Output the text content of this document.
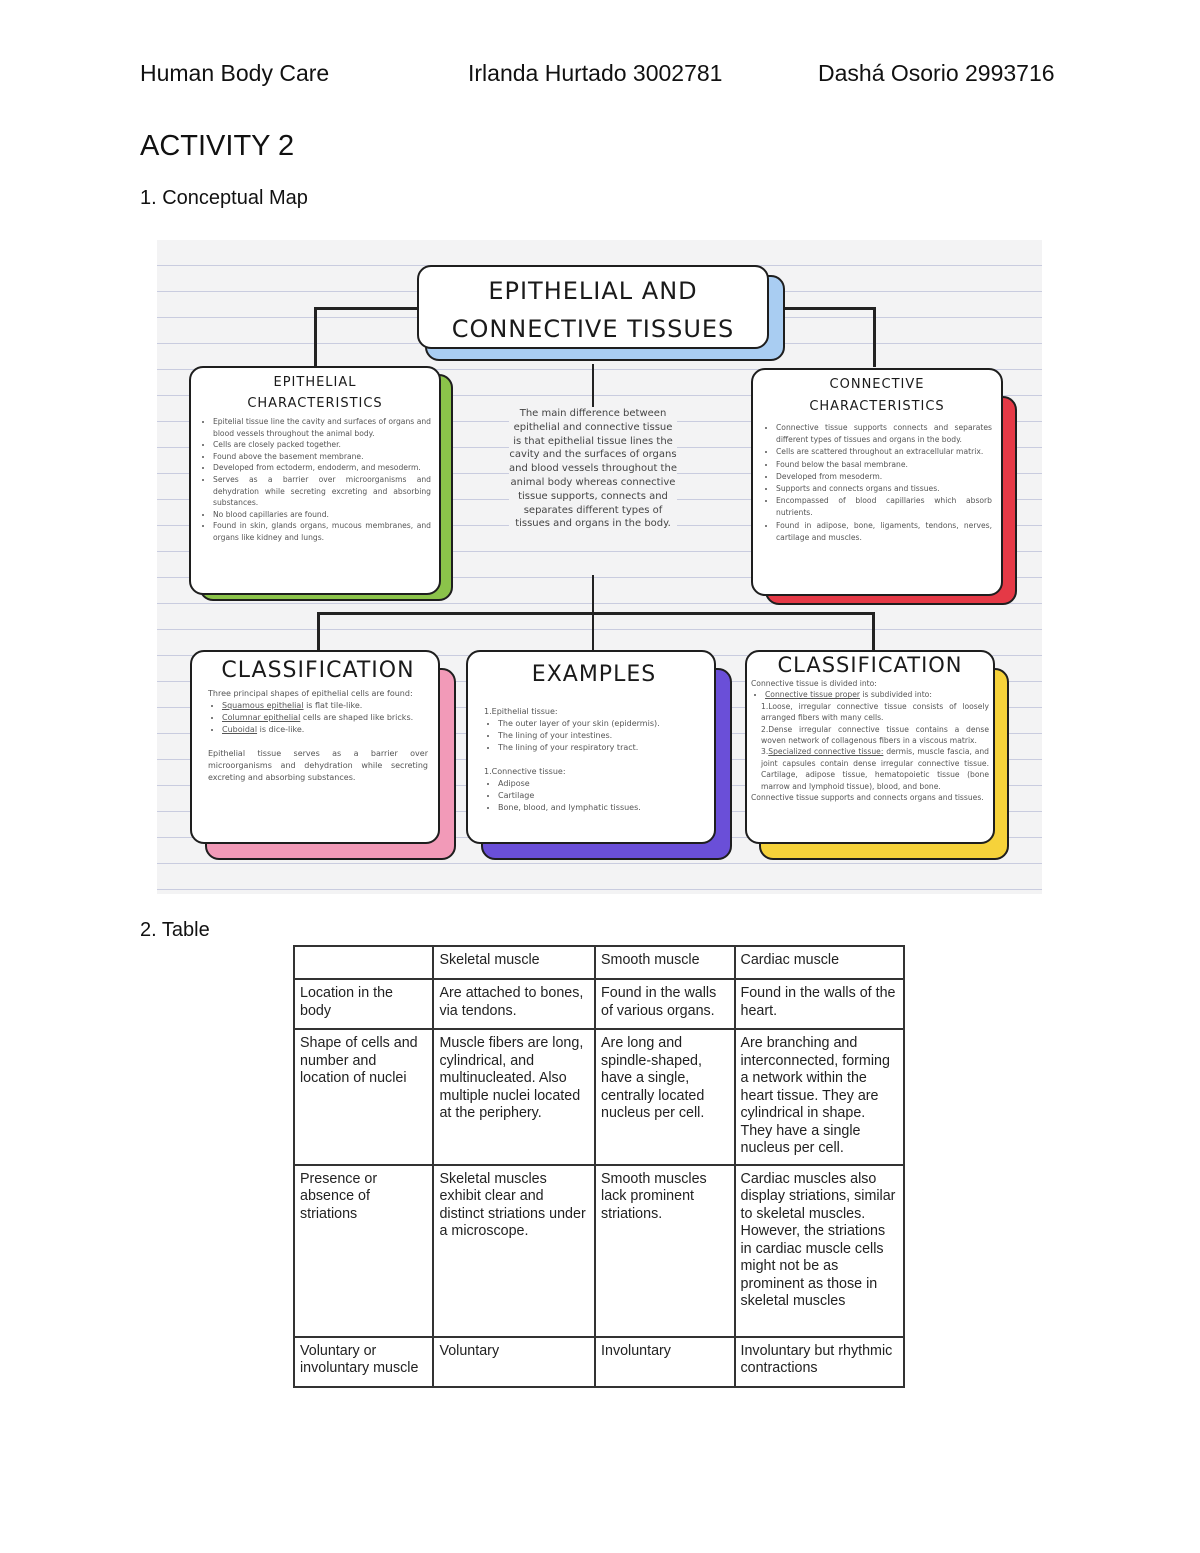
Human Body Care	Irlanda Hurtado 3002781	Dashá Osorio 2993716
ACTIVITY 2
1. Conceptual Map
EPITHELIAL AND
CONNECTIVE TISSUES
EPITHELIAL
CHARACTERISTICS
• Epitelial tissue line the cavity and surfaces of organs and blood vessels throughout the animal body.
• Cells are closely packed together.
• Found above the basement membrane.
• Developed from ectoderm, endoderm, and mesoderm.
• Serves as a barrier over microorganisms and dehydration while secreting excreting and absorbing substances.
• No blood capillaries are found.
• Found in skin, glands organs, mucous membranes, and organs like kidney and lungs.
The main difference between epithelial and connective tissue is that epithelial tissue lines the cavity and the surfaces of organs and blood vessels throughout the animal body whereas connective tissue supports, connects and separates different types of tissues and organs in the body.
CONNECTIVE
CHARACTERISTICS
• Connective tissue supports connects and separates different types of tissues and organs in the body.
• Cells are scattered throughout an extracellular matrix.
• Found below the basal membrane.
• Developed from mesoderm.
• Supports and connects organs and tissues.
• Encompassed of blood capillaries which absorb nutrients.
• Found in adipose, bone, ligaments, tendons, nerves, cartilage and muscles.
CLASSIFICATION
Three principal shapes of epithelial cells are found:
• Squamous epithelial is flat tile-like.
• Columnar epithelial cells are shaped like bricks.
• Cuboidal is dice-like.
Epithelial tissue serves as a barrier over microorganisms and dehydration while secreting excreting and absorbing substances.
EXAMPLES
1.Epithelial tissue:
• The outer layer of your skin (epidermis).
• The lining of your intestines.
• The lining of your respiratory tract.
1.Connective tissue:
• Adipose
• Cartilage
• Bone, blood, and lymphatic tissues.
CLASSIFICATION
Connective tissue is divided into:
• Connective tissue proper is subdivided into:
1.Loose, irregular connective tissue consists of loosely arranged fibers with many cells.
2.Dense irregular connective tissue contains a dense woven network of collagenous fibers in a viscous matrix.
3.Specialized connective tissue: dermis, muscle fascia, and joint capsules contain dense irregular connective tissue. Cartilage, adipose tissue, hematopoietic tissue (bone marrow and lymphoid tissue), blood, and bone.
Connective tissue supports and connects organs and tissues.
2. Table
	Skeletal muscle	Smooth muscle	Cardiac muscle
Location in the body	Are attached to bones, via tendons.	Found in the walls of various organs.	Found in the walls of the heart.
Shape of cells and number and location of nuclei	Muscle fibers are long, cylindrical, and multinucleated. Also multiple nuclei located at the periphery.	Are long and spindle-shaped, have a single, centrally located nucleus per cell.	Are branching and interconnected, forming a network within the heart tissue. They are cylindrical in shape. They have a single nucleus per cell.
Presence or absence of striations	Skeletal muscles exhibit clear and distinct striations under a microscope.	Smooth muscles lack prominent striations.	Cardiac muscles also display striations, similar to skeletal muscles. However, the striations in cardiac muscle cells might not be as prominent as those in skeletal muscles
Voluntary or involuntary muscle	Voluntary	Involuntary	Involuntary but rhythmic contractions
